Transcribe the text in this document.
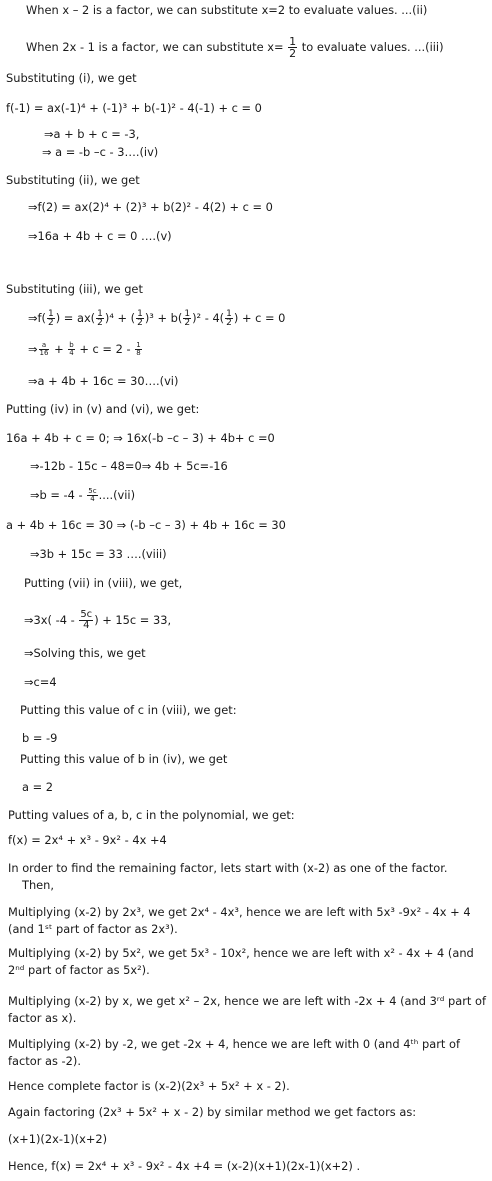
When x – 2 is a factor, we can substitute x=2 to evaluate values. ...(ii)
When 2x - 1 is a factor, we can substitute $x= \frac{1}{2}$ to evaluate values. ...(iii)
Substituting (i), we get
f(-1) = ax(-1)⁴ + (-1)³ + b(-1)² - 4(-1) + c = 0
⇒a + b + c = -3,
⇒ a = -b –c - 3….(iv)
Substituting (ii), we get
⇒f(2) = ax(2)⁴ + (2)³ + b(2)² - 4(2) + c = 0
⇒16a + 4b + c = 0 ….(v)
Substituting (iii), we get
⇒f( $\frac{1}{2}$ ) = $ax( \frac{1}{2} )^4$ + ( $\frac{1}{2} )^3 + b( \frac{1}{2} )^2 - 4( \frac{1}{2}$ ) + c = 0
⇒ $\frac{a}{16} + \frac{b}{4} + c = 2 - \frac{1}{8}$
⇒a + 4b + 16c = 30….(vi)
Putting (iv) in (v) and (vi), we get:
16a + 4b + c = 0; ⇒ 16x(-b –c – 3) + 4b+ c =0
⇒-12b - 15c – 48=0⇒ 4b + 5c=-16
⇒b = $-4 - \frac{5c}{4} ....(vii)$
a + 4b + 16c = 30 ⇒ (-b –c – 3) + 4b + 16c = 30
⇒3b + 15c = 33 ….(viii)
Putting (vii) in (viii), we get,
⇒3x( $-4 - \frac{5c}{4}$ ) + 15c = 33,
⇒Solving this, we get
⇒c=4
Putting this value of c in (viii), we get:
b = -9
Putting this value of b in (iv), we get
a = 2
Putting values of a, b, c in the polynomial, we get:
f(x) = 2x⁴ + x³ - 9x² - 4x +4
In order to find the remaining factor, lets start with (x-2) as one of the factor.
Then,
Multiplying (x-2) by 2x³, we get 2x⁴ - 4x³, hence we are left with 5x³ -9x² - 4x + 4 (and 1ˢᵗ part of factor as 2x³).
Multiplying (x-2) by 5x², we get 5x³ - 10x², hence we are left with x² - 4x + 4 (and 2ⁿᵈ part of factor as 5x²).
Multiplying (x-2) by x, we get x² – 2x, hence we are left with -2x + 4 (and 3ʳᵈ part of factor as x).
Multiplying (x-2) by -2, we get -2x + 4, hence we are left with 0 (and 4ᵗʰ part of factor as -2).
Hence complete factor is (x-2)(2x³ + 5x² + x - 2).
Again factoring (2x³ + 5x² + x - 2) by similar method we get factors as:
(x+1)(2x-1)(x+2)
Hence, f(x) = 2x⁴ + x³ - 9x² - 4x +4 = (x-2)(x+1)(2x-1)(x+2) .
